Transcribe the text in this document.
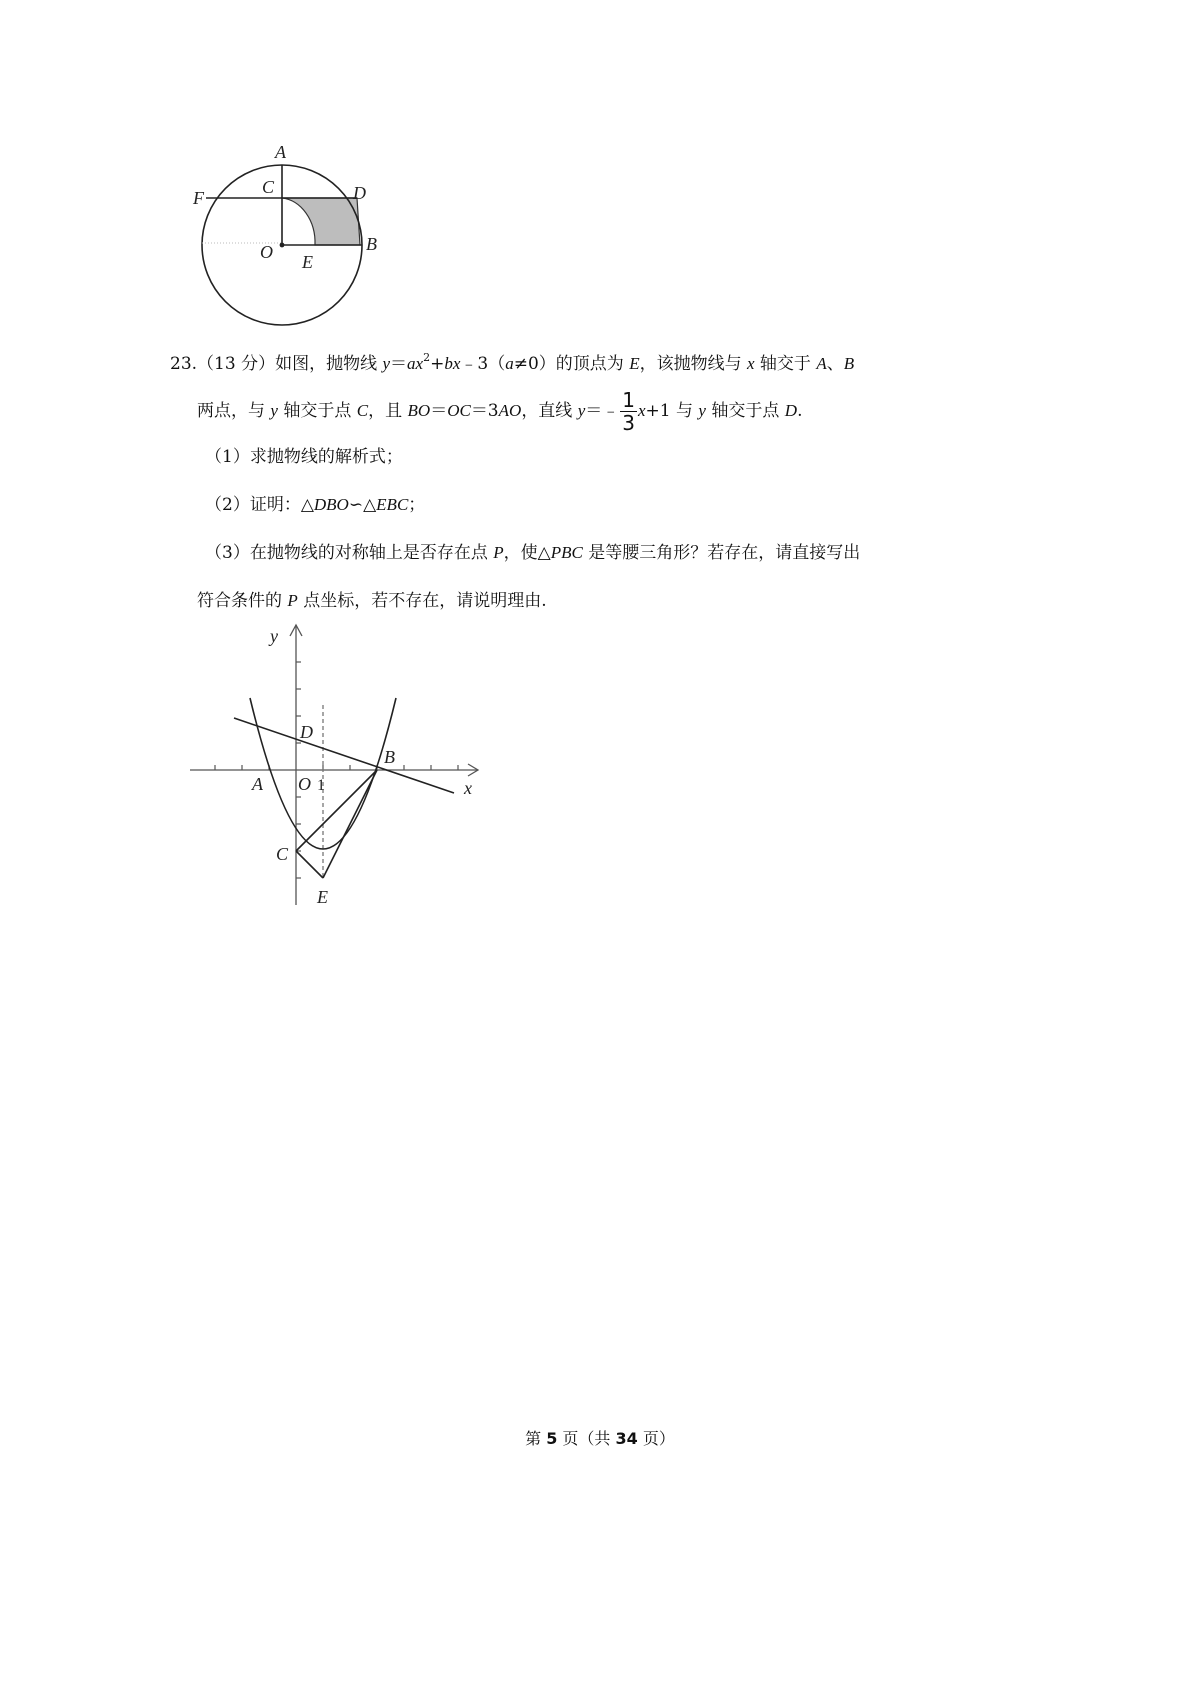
A
C	D
F
O E
B
23.（13 分）如图，抛物线 $y=ax^2+bx﹣3(a\ne 0)$的顶点为 E，该抛物线与 x 轴交于 A、B
两点，与 y 轴交于点 C，且 BO＝OC＝3AO，直线 y＝﹣ $\frac{1}{3} x+1$ 与 y 轴交于点 D.
（1）求抛物线的解析式；
（2）证明：△DBO∽△EBC；
（3）在抛物线的对称轴上是否存在点 P，使△PBC 是等腰三角形？若存在，请直接写出
符合条件的 P 点坐标，若不存在，请说明理由.
y
x
D
B
A O 1
C
E
第 5 页（共 34 页）
